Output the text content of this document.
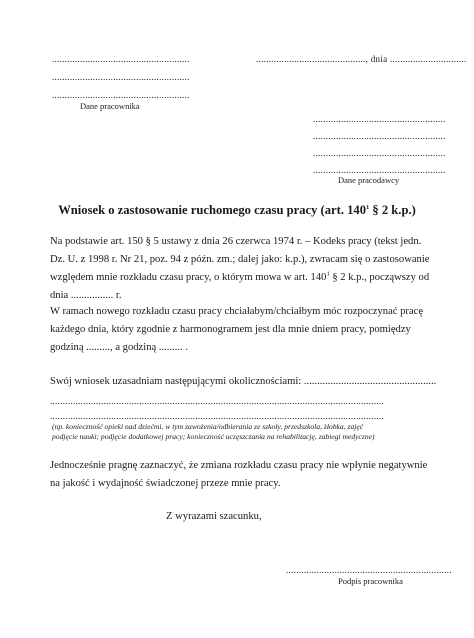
......................................................
......................................................
......................................................
Dane pracownika
..........................................., dnia ..............................
....................................................
....................................................
....................................................
....................................................
Dane pracodawcy
Wniosek o zastosowanie ruchomego czasu pracy (art. $140^1$ § 2 k.p.)
Na podstawie art. 150 § 5 ustawy z dnia 26 czerwca 1974 r. – Kodeks pracy (tekst jedn.
Dz. U. z 1998 r. Nr 21, poz. 94 z późn. zm.; dalej jako: k.p.), zwracam się o zastosowanie
względem mnie rozkładu czasu pracy, o którym mowa w art. $140^1$ § 2 k.p., począwszy od
dnia ................ r.
W ramach nowego rozkładu czasu pracy chciałabym/chciałbym móc rozpoczynać pracę
każdego dnia, który zgodnie z harmonogramem jest dla mnie dniem pracy, pomiędzy
godziną ........., a godziną ......... .
Swój wniosek uzasadniam następującymi okolicznościami: ..................................................
...................................................................................................................................
...................................................................................................................................
(np. konieczność opieki nad dziećmi, w tym zawożenia/odbierania ze szkoły, przedszkola, żłobka, zajęć
podjęcie nauki; podjęcie dodatkowej pracy; konieczność uczęszczania na rehabilitację, zabiegi medyczne)
Jednocześnie pragnę zaznaczyć, że zmiana rozkładu czasu pracy nie wpłynie negatywnie
na jakość i wydajność świadczonej przeze mnie pracy.
Z wyrazami szacunku,
.................................................................
Podpis pracownika
